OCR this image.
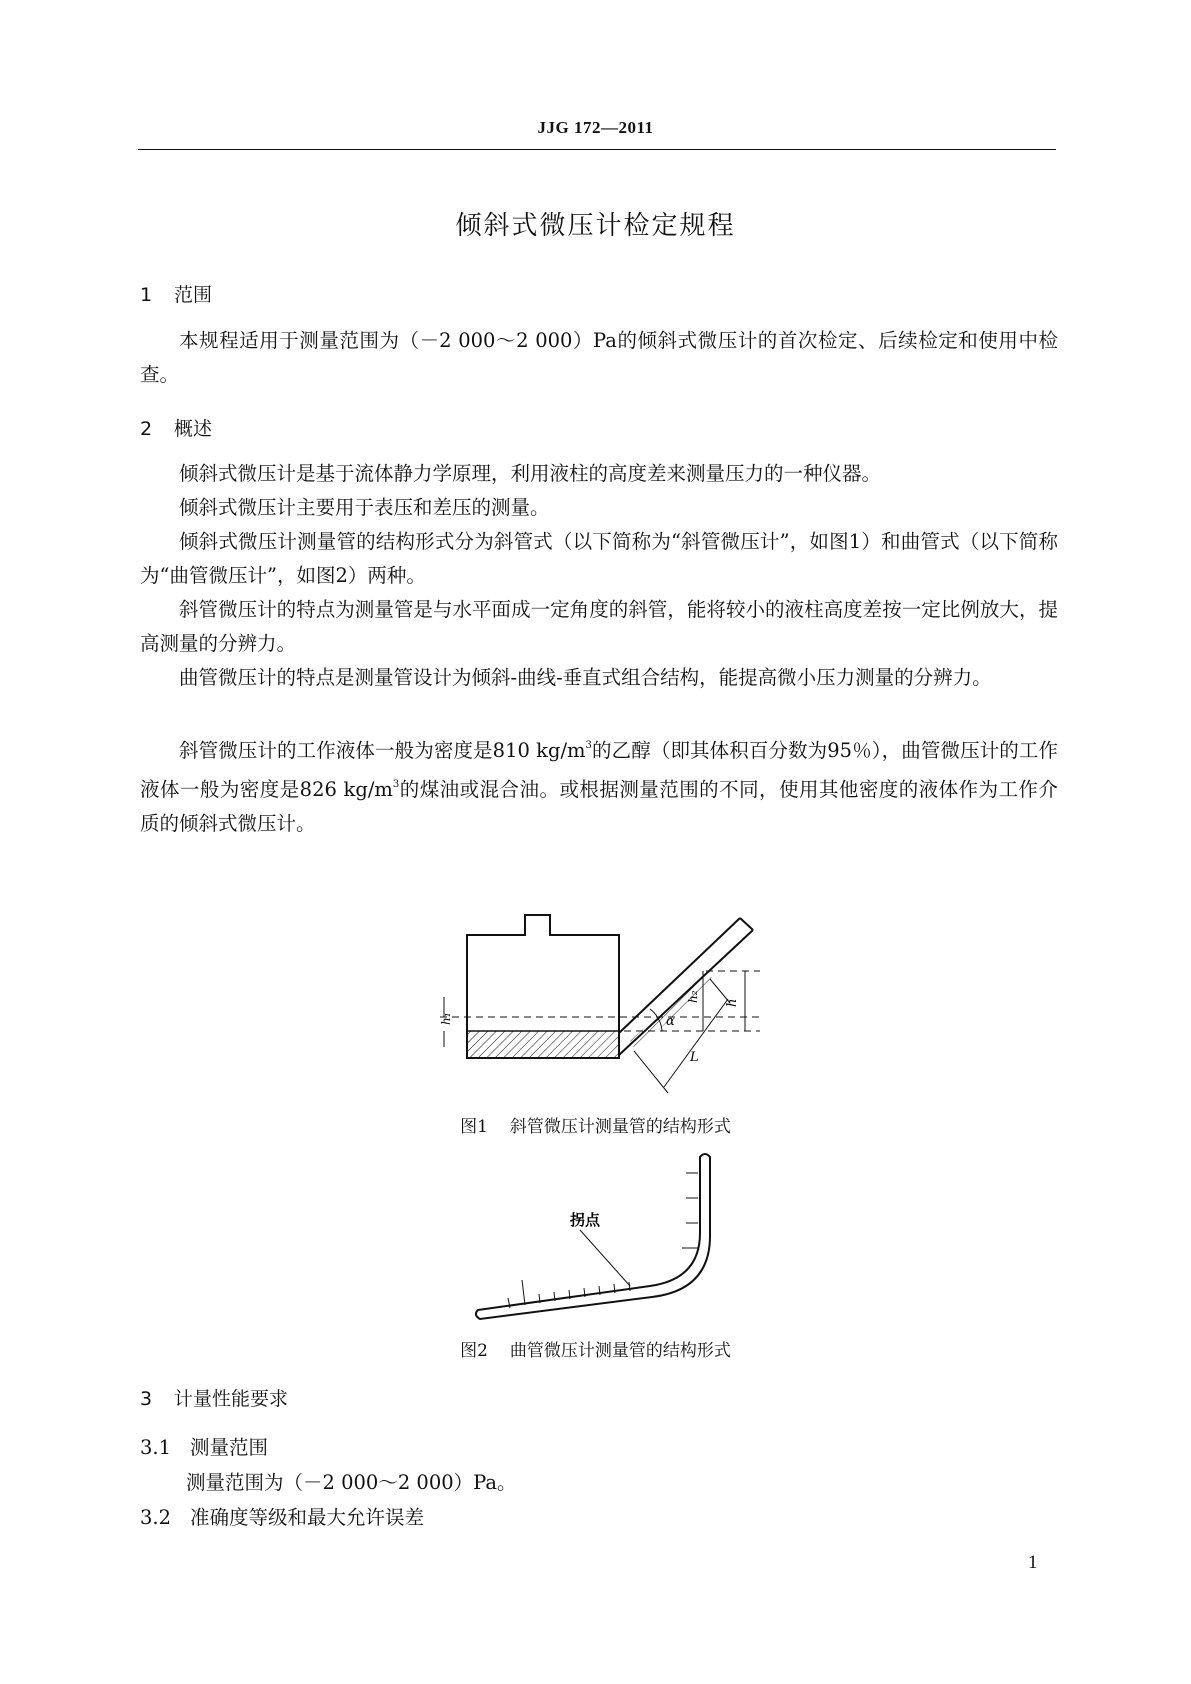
JJG 172—2011
倾斜式微压计检定规程
1 范围
本规程适用于测量范围为（－2 000～2 000）Pa的倾斜式微压计的首次检定、后续检定和使用中检查。
2 概述
倾斜式微压计是基于流体静力学原理，利用液柱的高度差来测量压力的一种仪器。
倾斜式微压计主要用于表压和差压的测量。
倾斜式微压计测量管的结构形式分为斜管式（以下简称为“斜管微压计”，如图1）和曲管式（以下简称为“曲管微压计”，如图2）两种。
斜管微压计的特点为测量管是与水平面成一定角度的斜管，能将较小的液柱高度差按一定比例放大，提高测量的分辨力。
曲管微压计的特点是测量管设计为倾斜-曲线-垂直式组合结构，能提高微小压力测量的分辨力。
斜管微压计的工作液体一般为密度是810 $kg/m^3$的乙醇（即其体积百分数为95％），曲管微压计的工作液体一般为密度是826 $kg/m^3$的煤油或混合油。或根据测量范围的不同，使用其他密度的液体作为工作介质的倾斜式微压计。
h₁
h₂ h
α
L
图1 斜管微压计测量管的结构形式
拐点
图2 曲管微压计测量管的结构形式
3 计量性能要求
3.1 测量范围
测量范围为（－2 000～2 000）Pa。
3.2 准确度等级和最大允许误差
1
